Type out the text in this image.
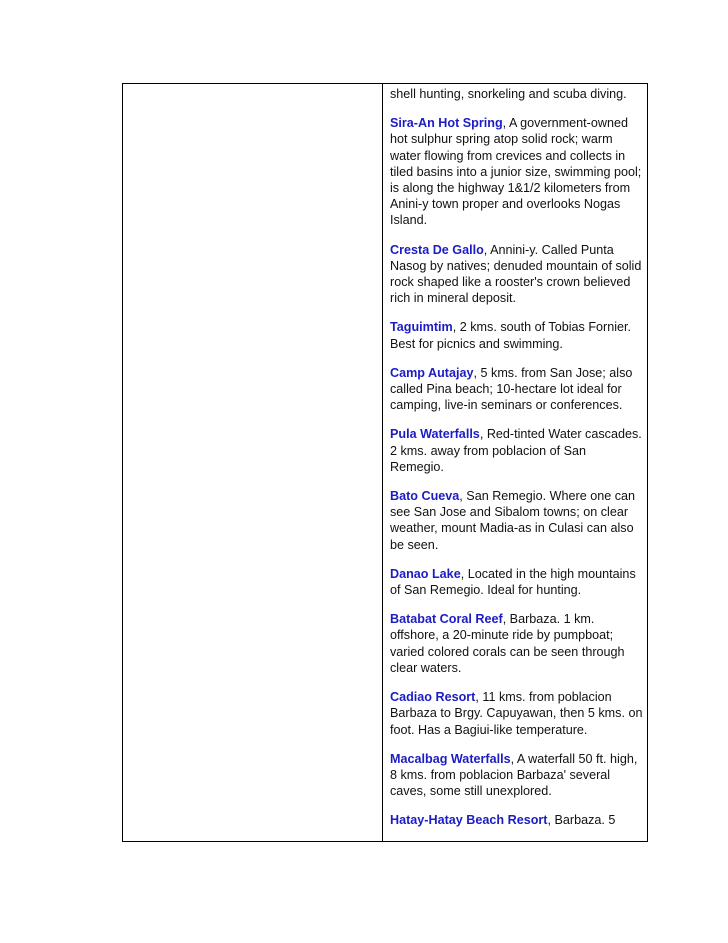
shell hunting, snorkeling and scuba diving.

Sira-An Hot Spring, A government-owned hot sulphur spring atop solid rock; warm water flowing from crevices and collects in tiled basins into a junior size, swimming pool; is along the highway 1&1/2 kilometers from Anini-y town proper and overlooks Nogas Island.

Cresta De Gallo, Annini-y. Called Punta Nasog by natives; denuded mountain of solid rock shaped like a rooster's crown believed rich in mineral deposit.

Taguimtim, 2 kms. south of Tobias Fornier. Best for picnics and swimming.

Camp Autajay, 5 kms. from San Jose; also called Pina beach; 10-hectare lot ideal for camping, live-in seminars or conferences.

Pula Waterfalls, Red-tinted Water cascades. 2 kms. away from poblacion of San Remegio.

Bato Cueva, San Remegio. Where one can see San Jose and Sibalom towns; on clear weather, mount Madia-as in Culasi can also be seen.

Danao Lake, Located in the high mountains of San Remegio. Ideal for hunting.

Batabat Coral Reef, Barbaza. 1 km. offshore, a 20-minute ride by pumpboat; varied colored corals can be seen through clear waters.

Cadiao Resort, 11 kms. from poblacion Barbaza to Brgy. Capuyawan, then 5 kms. on foot. Has a Bagiui-like temperature.

Macalbag Waterfalls, A waterfall 50 ft. high, 8 kms. from poblacion Barbaza' several caves, some still unexplored.

Hatay-Hatay Beach Resort, Barbaza. 5
